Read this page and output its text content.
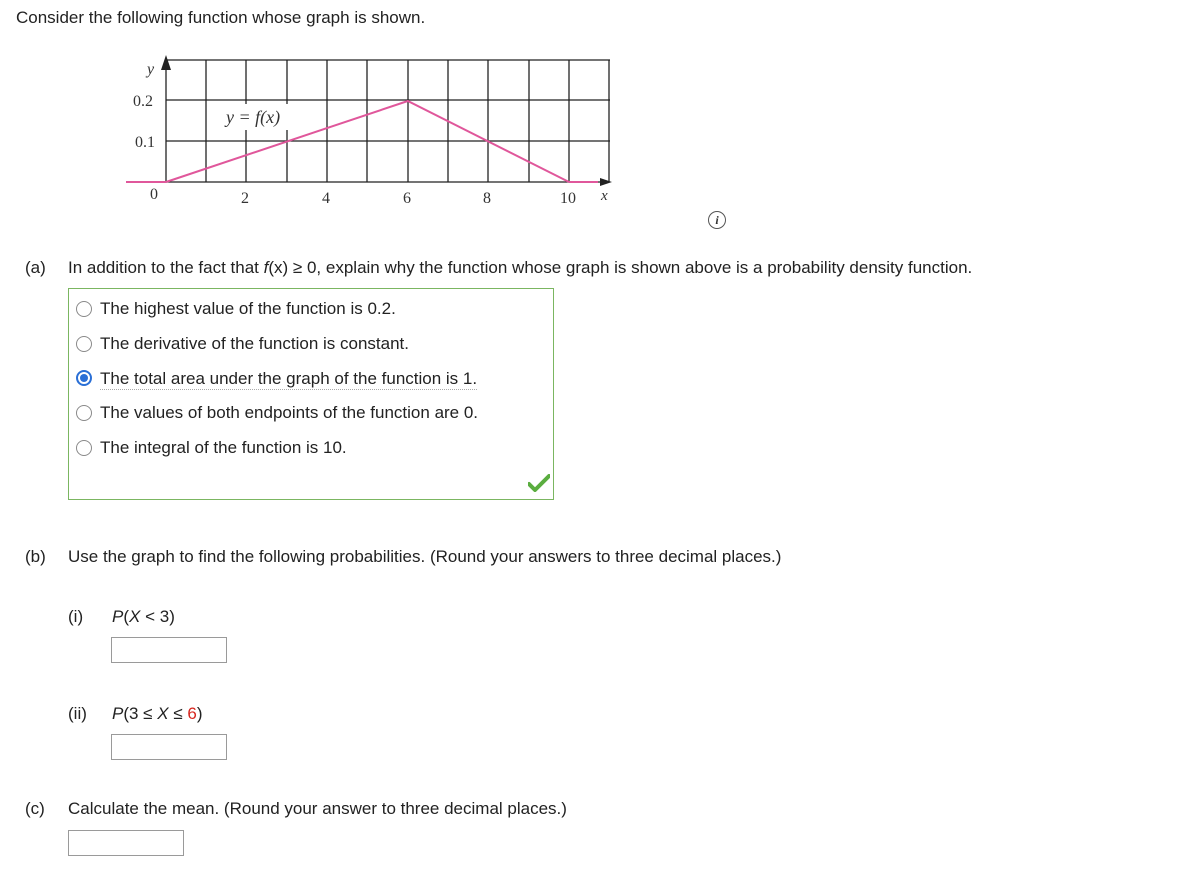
Consider the following function whose graph is shown.
y
0.2
0.1
0	2	4	6	8	10 x
y = f(x)
i
(a) In addition to the fact that f(x) ≥ 0, explain why the function whose graph is shown above is a probability density function.
The highest value of the function is 0.2.
The derivative of the function is constant.
The total area under the graph of the function is 1.
The values of both endpoints of the function are 0.
The integral of the function is 10.
(b) Use the graph to find the following probabilities. (Round your answers to three decimal places.)
(i) P(X < 3)
(ii) P(3 ≤ X ≤ 6)
(c) Calculate the mean. (Round your answer to three decimal places.)
